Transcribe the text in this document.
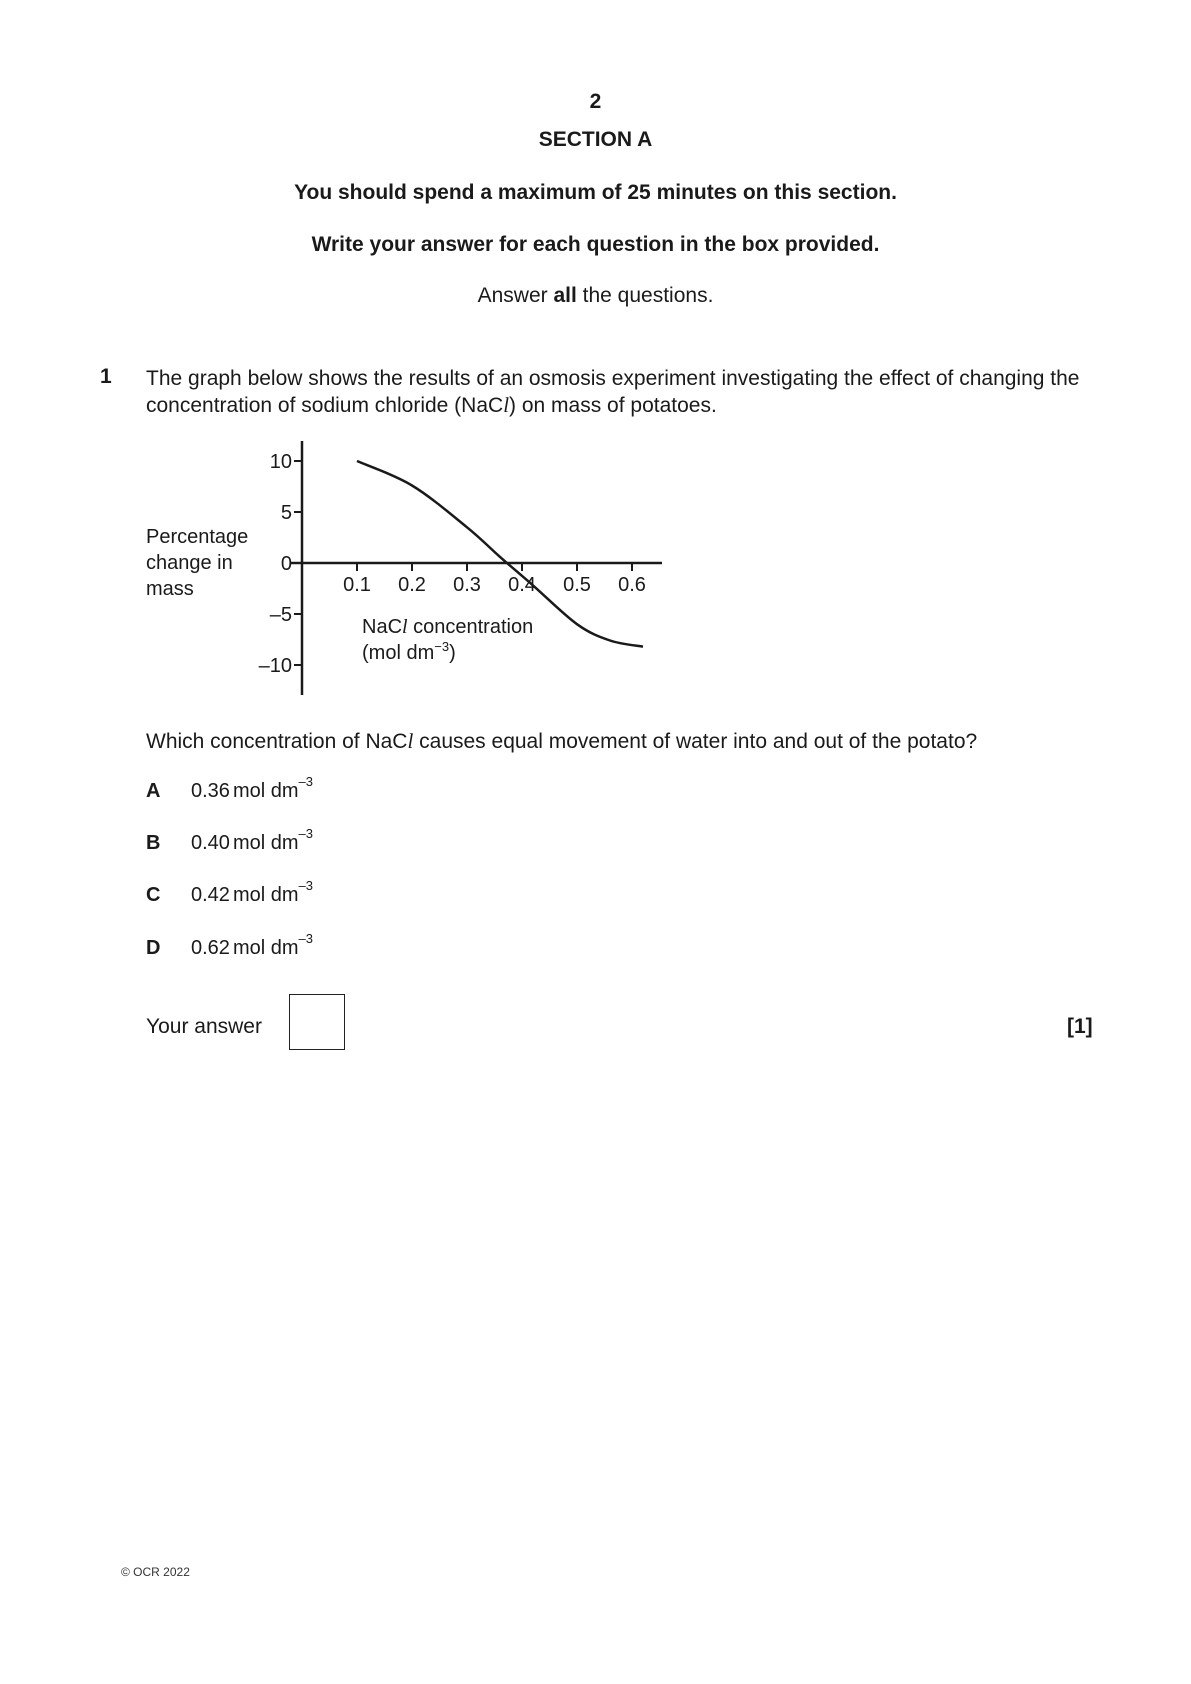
2
SECTION A
You should spend a maximum of 25 minutes on this section.
Write your answer for each question in the box provided.
Answer all the questions.
1 The graph below shows the results of an osmosis experiment investigating the effect of changing the concentration of sodium chloride (NaCl) on mass of potatoes.
Percentage
change in
mass
10
5
0
–5
–10
0.1 0.2 0.3 0.4 0.5 0.6
NaCl concentration
(mol $dm^{-3}$)
Which concentration of NaCl causes equal movement of water into and out of the potato?
A 0.36 mol $dm^{-3}$
B 0.40 mol $dm^{-3}$
C 0.42 mol $dm^{-3}$
D 0.62 mol $dm^{-3}$
Your answer	[1]
© OCR 2022
